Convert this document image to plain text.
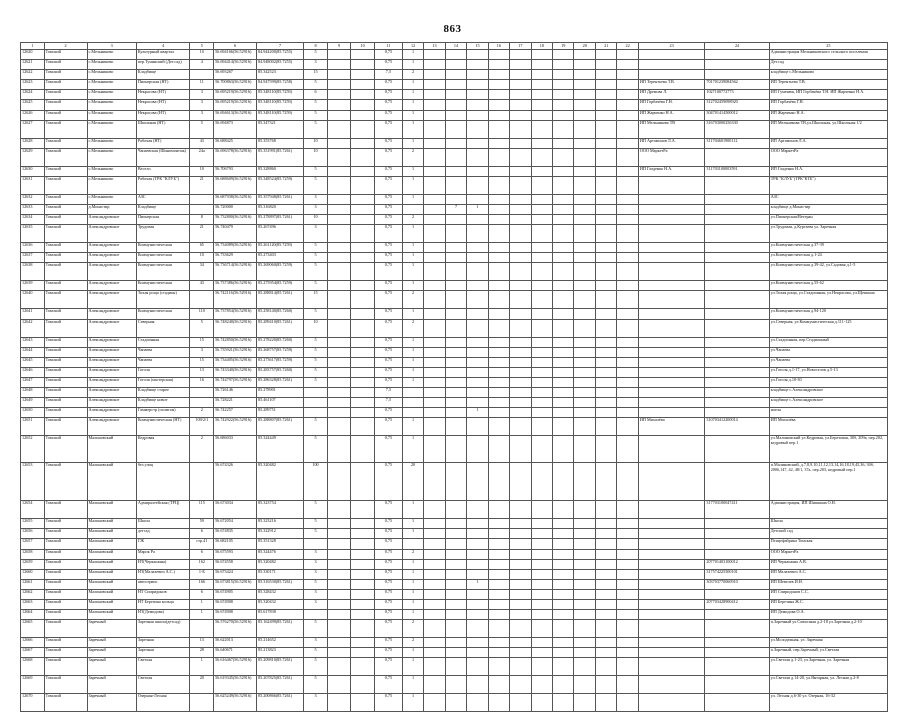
863
1	2	3	4	5	6	7	8	9	10	11	12	13	14	15	16	17	18	19	20	21	22	23	24	25
12620	Томский	с.Мельниково	Культурный квартал	1б	56.694166(56.52916)	84.944200(85.7255)	5			0,75	1													Администрация Мельниковского сельского поселения
12621	Томский	с.Мельниково	пер.Тунинский (Дет.сад)	4	56.694414(56.52916)	84.948002(85.7255)	3			0,75	1													Дет.сад
12622	Томский	с.Мельниково	Кладбище		56.693267	85.342523	15			7,5	2													кладбище с.Мельниково
12623	Томский	с.Мельниково	Пионерская (НТ)	11	56.700863(56.52916)	84.947599(85.7258)	5			0,75	1											ИП Терентьева Т.В.	701701239084562	ИП Терентьева Т.В.
12624	Томский	с.Мельниково	Некрасова (НТ)	3	56.695219(56.52916)	85.348110(85.7259)	6			0,75	1											ИП Дремова Л.	1027100772773	ИП Гуменюк, ИП Горбачёва Т.Н. ИП Жарченко Н.А.
12625	Томский	с.Мельниково	Некрасова (НТ)	3	56.695219(56.52916)	85.348110(85.7259)	5			0,75	1											ИП Горбачёва Г.Н.	312702459098920	ИП Горбачёва Г.Н.
12626	Томский	с.Мельниково	Некрасова (НТ)	3	56.694613(56.52916)	85.348110(85.7259)	5			0,75	1											ИП Жарченко Н.А.	304701414500012	ИП Жарченко Н.А.
12627	Томский	с.Мельниково	Школьная (НТ)	5	56.694873	85.347321	5			0,75	1											ИП Мельникова ТВ	316703000256330	ИП Мельникова ТВ,ул.Школьная, ул.Школьная 1/2
12628	Томский	с.Мельниково	Рабочая (НТ)	43	56.688425	85.353768	10			0,75	1											ИП Артамонов Л.А.	311704601900112	ИП Артамонов Л.А.
12629	Томский	с.Мельниково	Чапаевская (Шиномонтаж)	24a	56.696378(56.52916)	85.351991(85.7261)	10			0,75	2											ООО МаркетРа		ООО МаркетРа
12630	Томский	с.Мельниково	Весело	10	56.706793	85.328860	5			0,75	1											ИП Гладенко Н.А.	311703100003591	ИП Гладенко Н.А.
12631	Томский	с.Мельниково	Рабочая (ТРК "КЛУБ")	21	56.688609(56.52916)	85.348524(85.7259)	5			0,75	1													ТРК "КЛУБ"(ТРК"КТБ")
12632	Томский	с.Мельниково	АЗС		56.687938(56.52916)	85.357948(85.7261)	3			0,75	1													АЗС
12633	Томский	д.Монастир	Кладбище		56.720000	85.316820	3			0,75			7	1										кладбище д.Монастир
12634	Томский	Александровское	Пионерская	8	56.732800(56.52916)	85.278897(85.7261)	10			0,75	2													ул.Пионерская/Ветеран
12635	Томский	Александровское	Трудовая	21	56.740479	85.267496	3			0,75	1													ул.Трудовая, д.Кургаева ул. Заречная
12636	Томский	Александровское	Коммунистическая	65	56.734089(56.52916)	85.261120(85.7259)	5			0,75	1													ул.Коммунистическая д.37-39
12637	Томский	Александровское	Коммунистическая	10	56.733629	85.273403	5			0,75	1													ул.Коммунистическая д.1-24
12638	Томский	Александровское	Коммунистическая	34	56.736714(56.52916)	85.269060(85.7259)	5			0,75	1													ул.Коммунистическая д.39-42, ул.Садовая д.1-5
12639	Томский	Александровское	Коммунистическая	43	56.737386(56.52916)	85.275954(85.7259)	5			0,75	1													ул.Коммунистическая д.55-62
12640	Томский	Александровское	Тихая роща (стадион)		56.742116(56.52916)	85.288814(85.7261)	15			0,75	2													ул.Тихая роща, ул.Стадионная, ул.Некрасова, ул.Щепкина
12641	Томский	Александровское	Коммунистическая	110	56.737854(56.52916)	85.258140(85.7260)	5			0,75	1													ул.Коммунистическая д.94-120
12642	Томский	Александровское	Северная	5	56.748240(56.52916)	85.289410(85.7261)	10			0,75	2													ул.Северная, ул.Коммунистическая д.111-125
12643	Томский	Александровское	Стадионная	15	56.742850(56.52916)	85.278220(85.7260)	5			0,75	1													ул.Стадионная, пер.Стадионный
12644	Томский	Александровское	Чапаева	3	56.735921(56.52916)	85.268757(85.7259)	5			0,75	1													ул.Чапаева
12645	Томский	Александровское	Чапаева	15	56.734405(56.52916)	85.273617(85.7259)	5			0,75	1													ул.Чапаева
12646	Томский	Александровское	Гоголя	13	56.743340(56.52916)	85.283757(85.7260)	5			0,75	1													ул.Гоголя д.1-17, ул.Новоселов д.5-13
12647	Томский	Александровское	Гоголя (мастерская)	16	56.744797(56.52916)	85.286328(85.7261)	5			0,75	1													ул.Гоголя д.10-30
12648	Томский	Александровское	Кладбище старое		56.726146	85.278901				7,5														кладбище с.Александровское
12649	Томский	Александровское	Кладбище новое		56.728221	85.461107				7,5														кладбище с.Александровское
12650	Томский	Александровское	Гаммерстр (полигон)	2	56.742257	85.289751				0,75				1										нагон
12651	Томский	Александровское	Коммунистическая (НТ)	109/2/1	56.742922(56.52916)	85.288807(85.7261)	5			0,75	1											ИП Михалёва	310703412200014	ИП Михалёва
12652	Томский	Малиновский	Кедровая	2	56.686033	85.324449	5			0,75	1													ул.Малиновский ул.Кедровая, ул.Березовая, 30б, 209а, пер.202, кедровый пер.1
12653	Томский	Малиновский	без улиц		56.674326	85.320482	100			0,75	20													п.Малиновский, д.7,8,9,10,11,12,13,14,16,18,19,45,36, 30б, 2006,147, 42, 48/1, 37а, пер.203, кедровый пер.1
12654	Томский	Малиновский	Адмиралтейская (ТРЦ)	115	56.673034	85.323754	5			0,75	1												317703100047411	Администрация, ИП Шишкина О.Н.
12655	Томский	Малиновский	Школа	59	56.672054	85.323216	5			0,75	1													Школа
12656	Томский	Малиновский	детсад	6	56.674835	85.322912	5			0,75	1													Детский сад
12657	Томский	Малиновский	ГЖ	стр.41	56.682105	85.351328				0,75														Птицефабрика Томская
12658	Томский	Малиновский	Марок Ра	6	56.675593	85.324476	3			0,75	2													ООО МаркетРа
12659	Томский	Малиновский	НТ(Черкашина)	162	56.674558	85.320482	3			0,75	1												207701403100012	ИП Черкашина А.В.
12660	Томский	Малиновский	НТ(Малахевич А.С.)	1-Б	56.673424	85.330171	3			0,75	1												317574225500101	ИП Малахевич А.С.
12661	Томский	Малиновский	автосервис	166	56.673815(56.52916)	85.316530(85.7261)	5			0,75	1			1									303703770060910	ИП Шевелев И.Н.
12662	Томский	Малиновский	НТ Спиридонов	6	56.674905	85.328432	3			0,75	1													ИП Спиридонов С.С.
12663	Томский	Малиновский	НТ Березина кольца	1	56.674908	85.320432	3			0,75	1												207703428900412	ИП Березина Ж.С.
12664	Томский	Малиновский	НТ(Демидова)	1	56.674908	85.617838				0,75	1													ИП Демидова О.А.
12665	Томский	Заречный	Заречная школа(детсад)		56.576270(56.52916)	85.162499(85.7261)	5			0,75	2													п.Заречный ул.Совхозная д.2-18 ул.Заречная д.2-10
12666	Томский	Заречный	Заречная	13	56.622013	85.214652	3			0,75	2													ул.Молодежная, ул. Заречная
12667	Томский	Заречный	Заречная	28	56.640671	85.213823	5			0,75	1													п.Заречный, пер.Заречный, ул.Светлая
12668	Томский	Заречный	Светлая	1	56.616467(56.52916)	85.209810(85.7261)	5			0,75	1													ул.Светлая д.1-23, ул.Заречная, ул. Заречная
12669	Томский	Заречный	Светлая	20	56.619345(56.52916)	85.207825(85.7261)	5			0,75	1													ул.Светлая д.14-20, ул.Янтарная, ул. Лесная д.2-8
12670	Томский	Заречный	Озерная-Лесная		56.625249(56.52916)	85.200866(85.7261)	3			0,75	1													ул. Лесная д.6-30 ул. Озерная, 16-32
